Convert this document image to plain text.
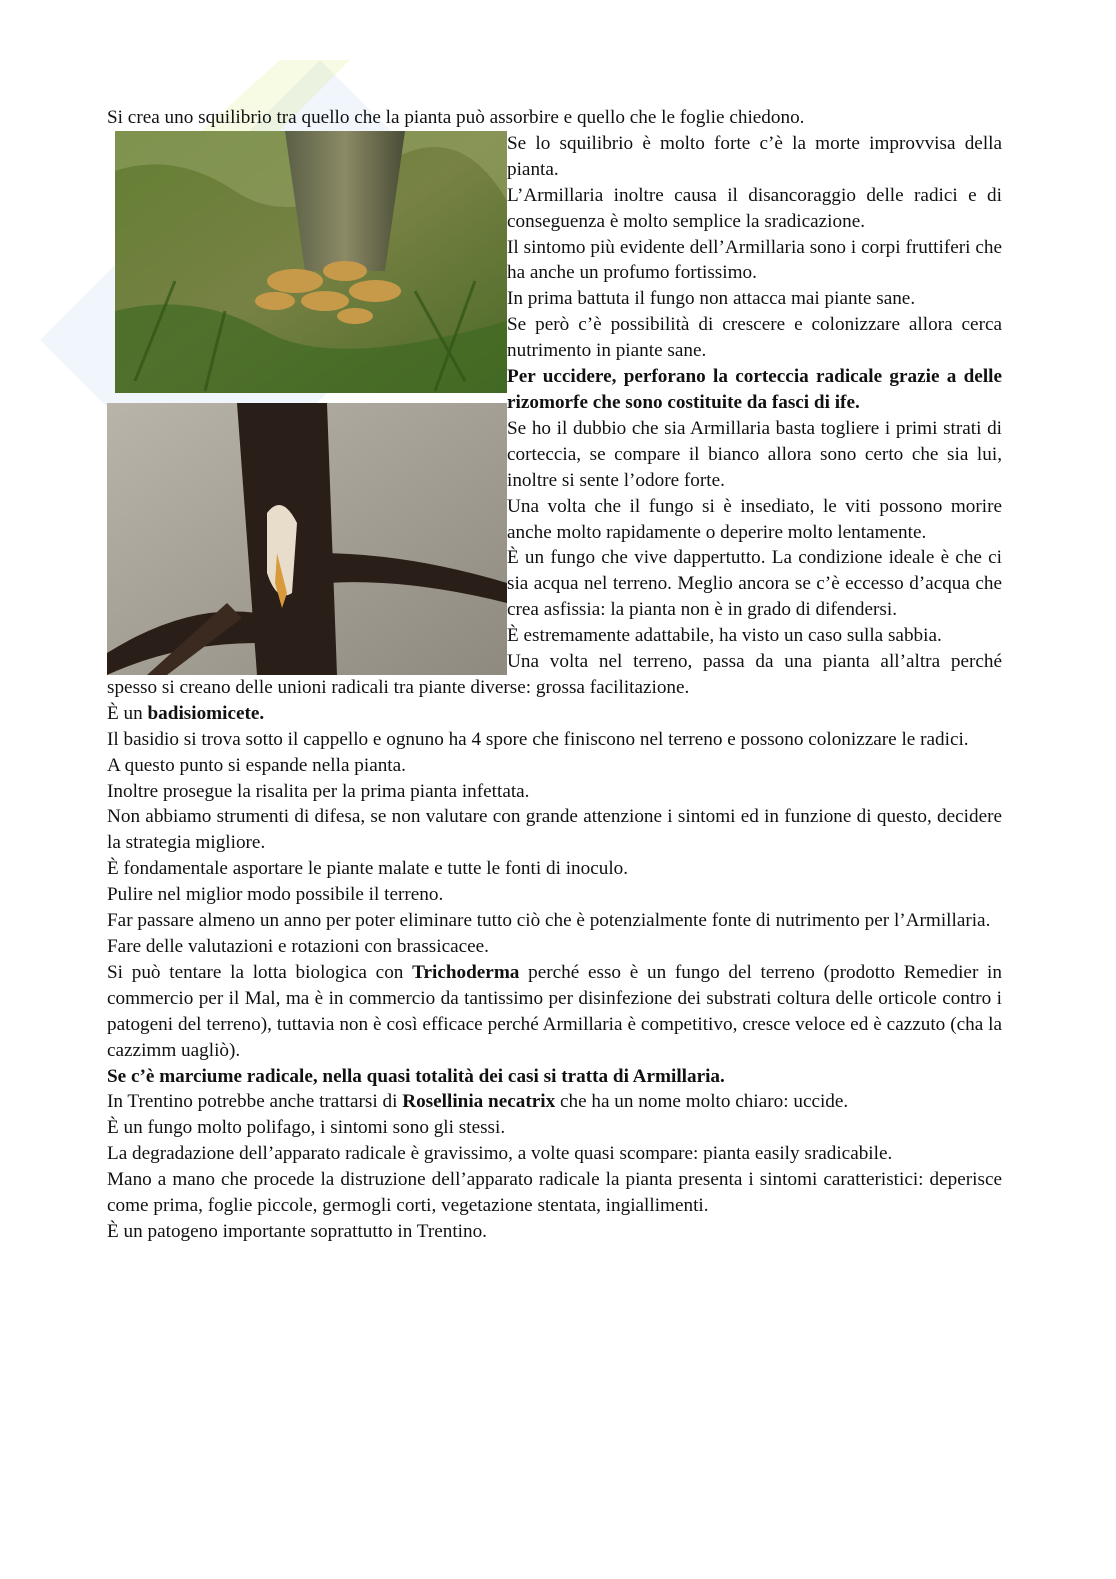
Si crea uno squilibrio tra quello che la pianta può assorbire e quello che le foglie chiedono.

Se lo squilibrio è molto forte c’è la morte improvvisa della pianta.

L’Armillaria inoltre causa il disancoraggio delle radici e di conseguenza è molto semplice la sradicazione.

Il sintomo più evidente dell’Armillaria sono i corpi fruttiferi che ha anche un profumo fortissimo.

In prima battuta il fungo non attacca mai piante sane.

Se però c’è possibilità di crescere e colonizzare allora cerca nutrimento in piante sane.

Per uccidere, perforano la corteccia radicale grazie a delle rizomorfe che sono costituite da fasci di ife.

Se ho il dubbio che sia Armillaria basta togliere i primi strati di corteccia, se compare il bianco allora sono certo che sia lui, inoltre si sente l’odore forte.

Una volta che il fungo si è insediato, le viti possono morire anche molto rapidamente o deperire molto lentamente.

È un fungo che vive dappertutto. La condizione ideale è che ci sia acqua nel terreno. Meglio ancora se c’è eccesso d’acqua che crea asfissia: la pianta non è in grado di difendersi.

È estremamente adattabile, ha visto un caso sulla sabbia.

Una volta nel terreno, passa da una pianta all’altra perché spesso si creano delle unioni radicali tra piante diverse: grossa facilitazione.

È un badisiomicete.

Il basidio si trova sotto il cappello e ognuno ha 4 spore che finiscono nel terreno e possono colonizzare le radici.

A questo punto si espande nella pianta.

Inoltre prosegue la risalita per la prima pianta infettata.

Non abbiamo strumenti di difesa, se non valutare con grande attenzione i sintomi ed in funzione di questo, decidere la strategia migliore.

È fondamentale asportare le piante malate e tutte le fonti di inoculo.

Pulire nel miglior modo possibile il terreno.

Far passare almeno un anno per poter eliminare tutto ciò che è potenzialmente fonte di nutrimento per l’Armillaria.

Fare delle valutazioni e rotazioni con brassicacee.

Si può tentare la lotta biologica con Trichoderma perché esso è un fungo del terreno (prodotto Remedier in commercio per il Mal, ma è in commercio da tantissimo per disinfezione dei substrati coltura delle orticole contro i patogeni del terreno), tuttavia non è così efficace perché Armillaria è competitivo, cresce veloce ed è cazzuto (cha la cazzimm uagliò).

Se c’è marciume radicale, nella quasi totalità dei casi si tratta di Armillaria.

In Trentino potrebbe anche trattarsi di Rosellinia necatrix che ha un nome molto chiaro: uccide.

È un fungo molto polifago, i sintomi sono gli stessi.

La degradazione dell’apparato radicale è gravissimo, a volte quasi scompare: pianta easily sradicabile.

Mano a mano che procede la distruzione dell’apparato radicale la pianta presenta i sintomi caratteristici: deperisce come prima, foglie piccole, germogli corti, vegetazione stentata, ingiallimenti.

È un patogeno importante soprattutto in Trentino.
